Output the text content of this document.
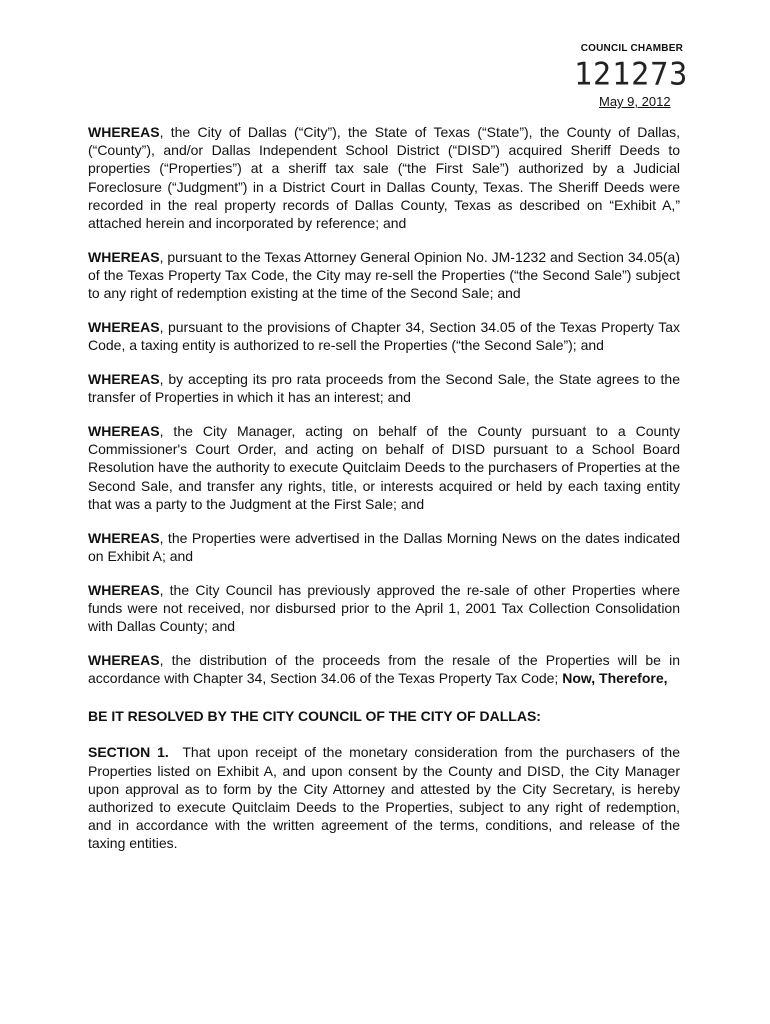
COUNCIL CHAMBER
121273
May 9, 2012

WHEREAS, the City of Dallas (“City”), the State of Texas (“State”), the County of Dallas, (“County”), and/or Dallas Independent School District (“DISD”) acquired Sheriff Deeds to properties (“Properties”) at a sheriff tax sale (“the First Sale”) authorized by a Judicial Foreclosure (“Judgment”) in a District Court in Dallas County, Texas. The Sheriff Deeds were recorded in the real property records of Dallas County, Texas as described on “Exhibit A,” attached herein and incorporated by reference; and

WHEREAS, pursuant to the Texas Attorney General Opinion No. JM-1232 and Section 34.05(a) of the Texas Property Tax Code, the City may re-sell the Properties (“the Second Sale”) subject to any right of redemption existing at the time of the Second Sale; and

WHEREAS, pursuant to the provisions of Chapter 34, Section 34.05 of the Texas Property Tax Code, a taxing entity is authorized to re-sell the Properties (“the Second Sale”); and

WHEREAS, by accepting its pro rata proceeds from the Second Sale, the State agrees to the transfer of Properties in which it has an interest; and

WHEREAS, the City Manager, acting on behalf of the County pursuant to a County Commissioner's Court Order, and acting on behalf of DISD pursuant to a School Board Resolution have the authority to execute Quitclaim Deeds to the purchasers of Properties at the Second Sale, and transfer any rights, title, or interests acquired or held by each taxing entity that was a party to the Judgment at the First Sale; and

WHEREAS, the Properties were advertised in the Dallas Morning News on the dates indicated on Exhibit A; and

WHEREAS, the City Council has previously approved the re-sale of other Properties where funds were not received, nor disbursed prior to the April 1, 2001 Tax Collection Consolidation with Dallas County; and

WHEREAS, the distribution of the proceeds from the resale of the Properties will be in accordance with Chapter 34, Section 34.06 of the Texas Property Tax Code; Now, Therefore,

BE IT RESOLVED BY THE CITY COUNCIL OF THE CITY OF DALLAS:

SECTION 1.  That upon receipt of the monetary consideration from the purchasers of the Properties listed on Exhibit A, and upon consent by the County and DISD, the City Manager upon approval as to form by the City Attorney and attested by the City Secretary, is hereby authorized to execute Quitclaim Deeds to the Properties, subject to any right of redemption, and in accordance with the written agreement of the terms, conditions, and release of the taxing entities.
